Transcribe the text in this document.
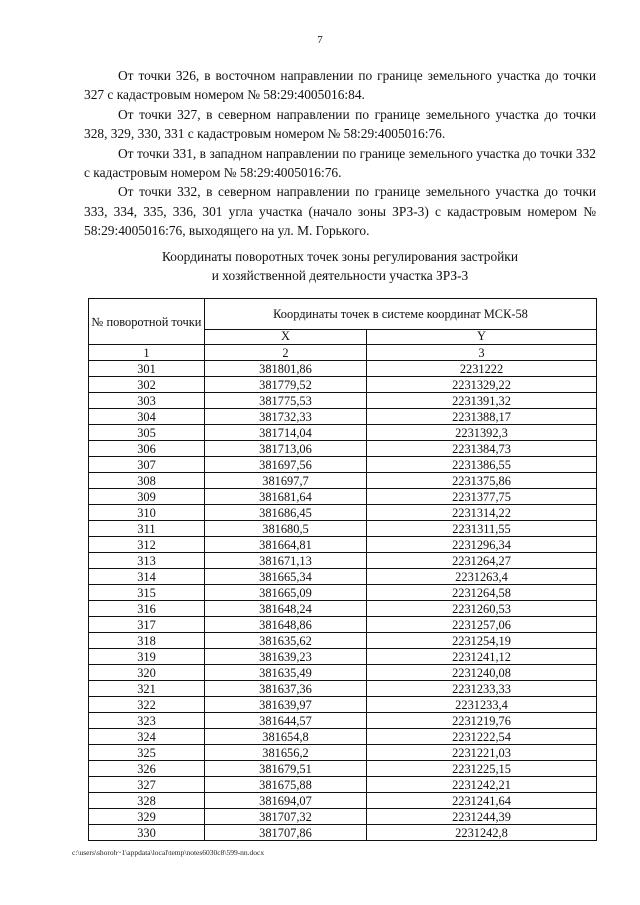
7

От точки 326, в восточном направлении по границе земельного участка до точки 327 с кадастровым номером № 58:29:4005016:84.

От точки 327, в северном направлении по границе земельного участка до точки 328, 329, 330, 331 с кадастровым номером № 58:29:4005016:76.

От точки 331, в западном направлении по границе земельного участка до точки 332 с кадастровым номером № 58:29:4005016:76.

От точки 332, в северном направлении по границе земельного участка до точки 333, 334, 335, 336, 301 угла участка (начало зоны ЗРЗ-3) с кадастровым номером № 58:29:4005016:76, выходящего на ул. М. Горького.

Координаты поворотных точек зоны регулирования застройки
и хозяйственной деятельности участка ЗРЗ-3
№ поворотной точки	Координаты точек в системе координат МСК-58	
	X	Y
1	2	3
301	381801,86	2231222
302	381779,52	2231329,22
303	381775,53	2231391,32
304	381732,33	2231388,17
305	381714,04	2231392,3
306	381713,06	2231384,73
307	381697,56	2231386,55
308	381697,7	2231375,86
309	381681,64	2231377,75
310	381686,45	2231314,22
311	381680,5	2231311,55
312	381664,81	2231296,34
313	381671,13	2231264,27
314	381665,34	2231263,4
315	381665,09	2231264,58
316	381648,24	2231260,53
317	381648,86	2231257,06
318	381635,62	2231254,19
319	381639,23	2231241,12
320	381635,49	2231240,08
321	381637,36	2231233,33
322	381639,97	2231233,4
323	381644,57	2231219,76
324	381654,8	2231222,54
325	381656,2	2231221,03
326	381679,51	2231225,15
327	381675,88	2231242,21
328	381694,07	2231241,64
329	381707,32	2231244,39
330	381707,86	2231242,8
c:\users\shoroh~1\appdata\local\temp\notes6030c8\599-nn.docx
